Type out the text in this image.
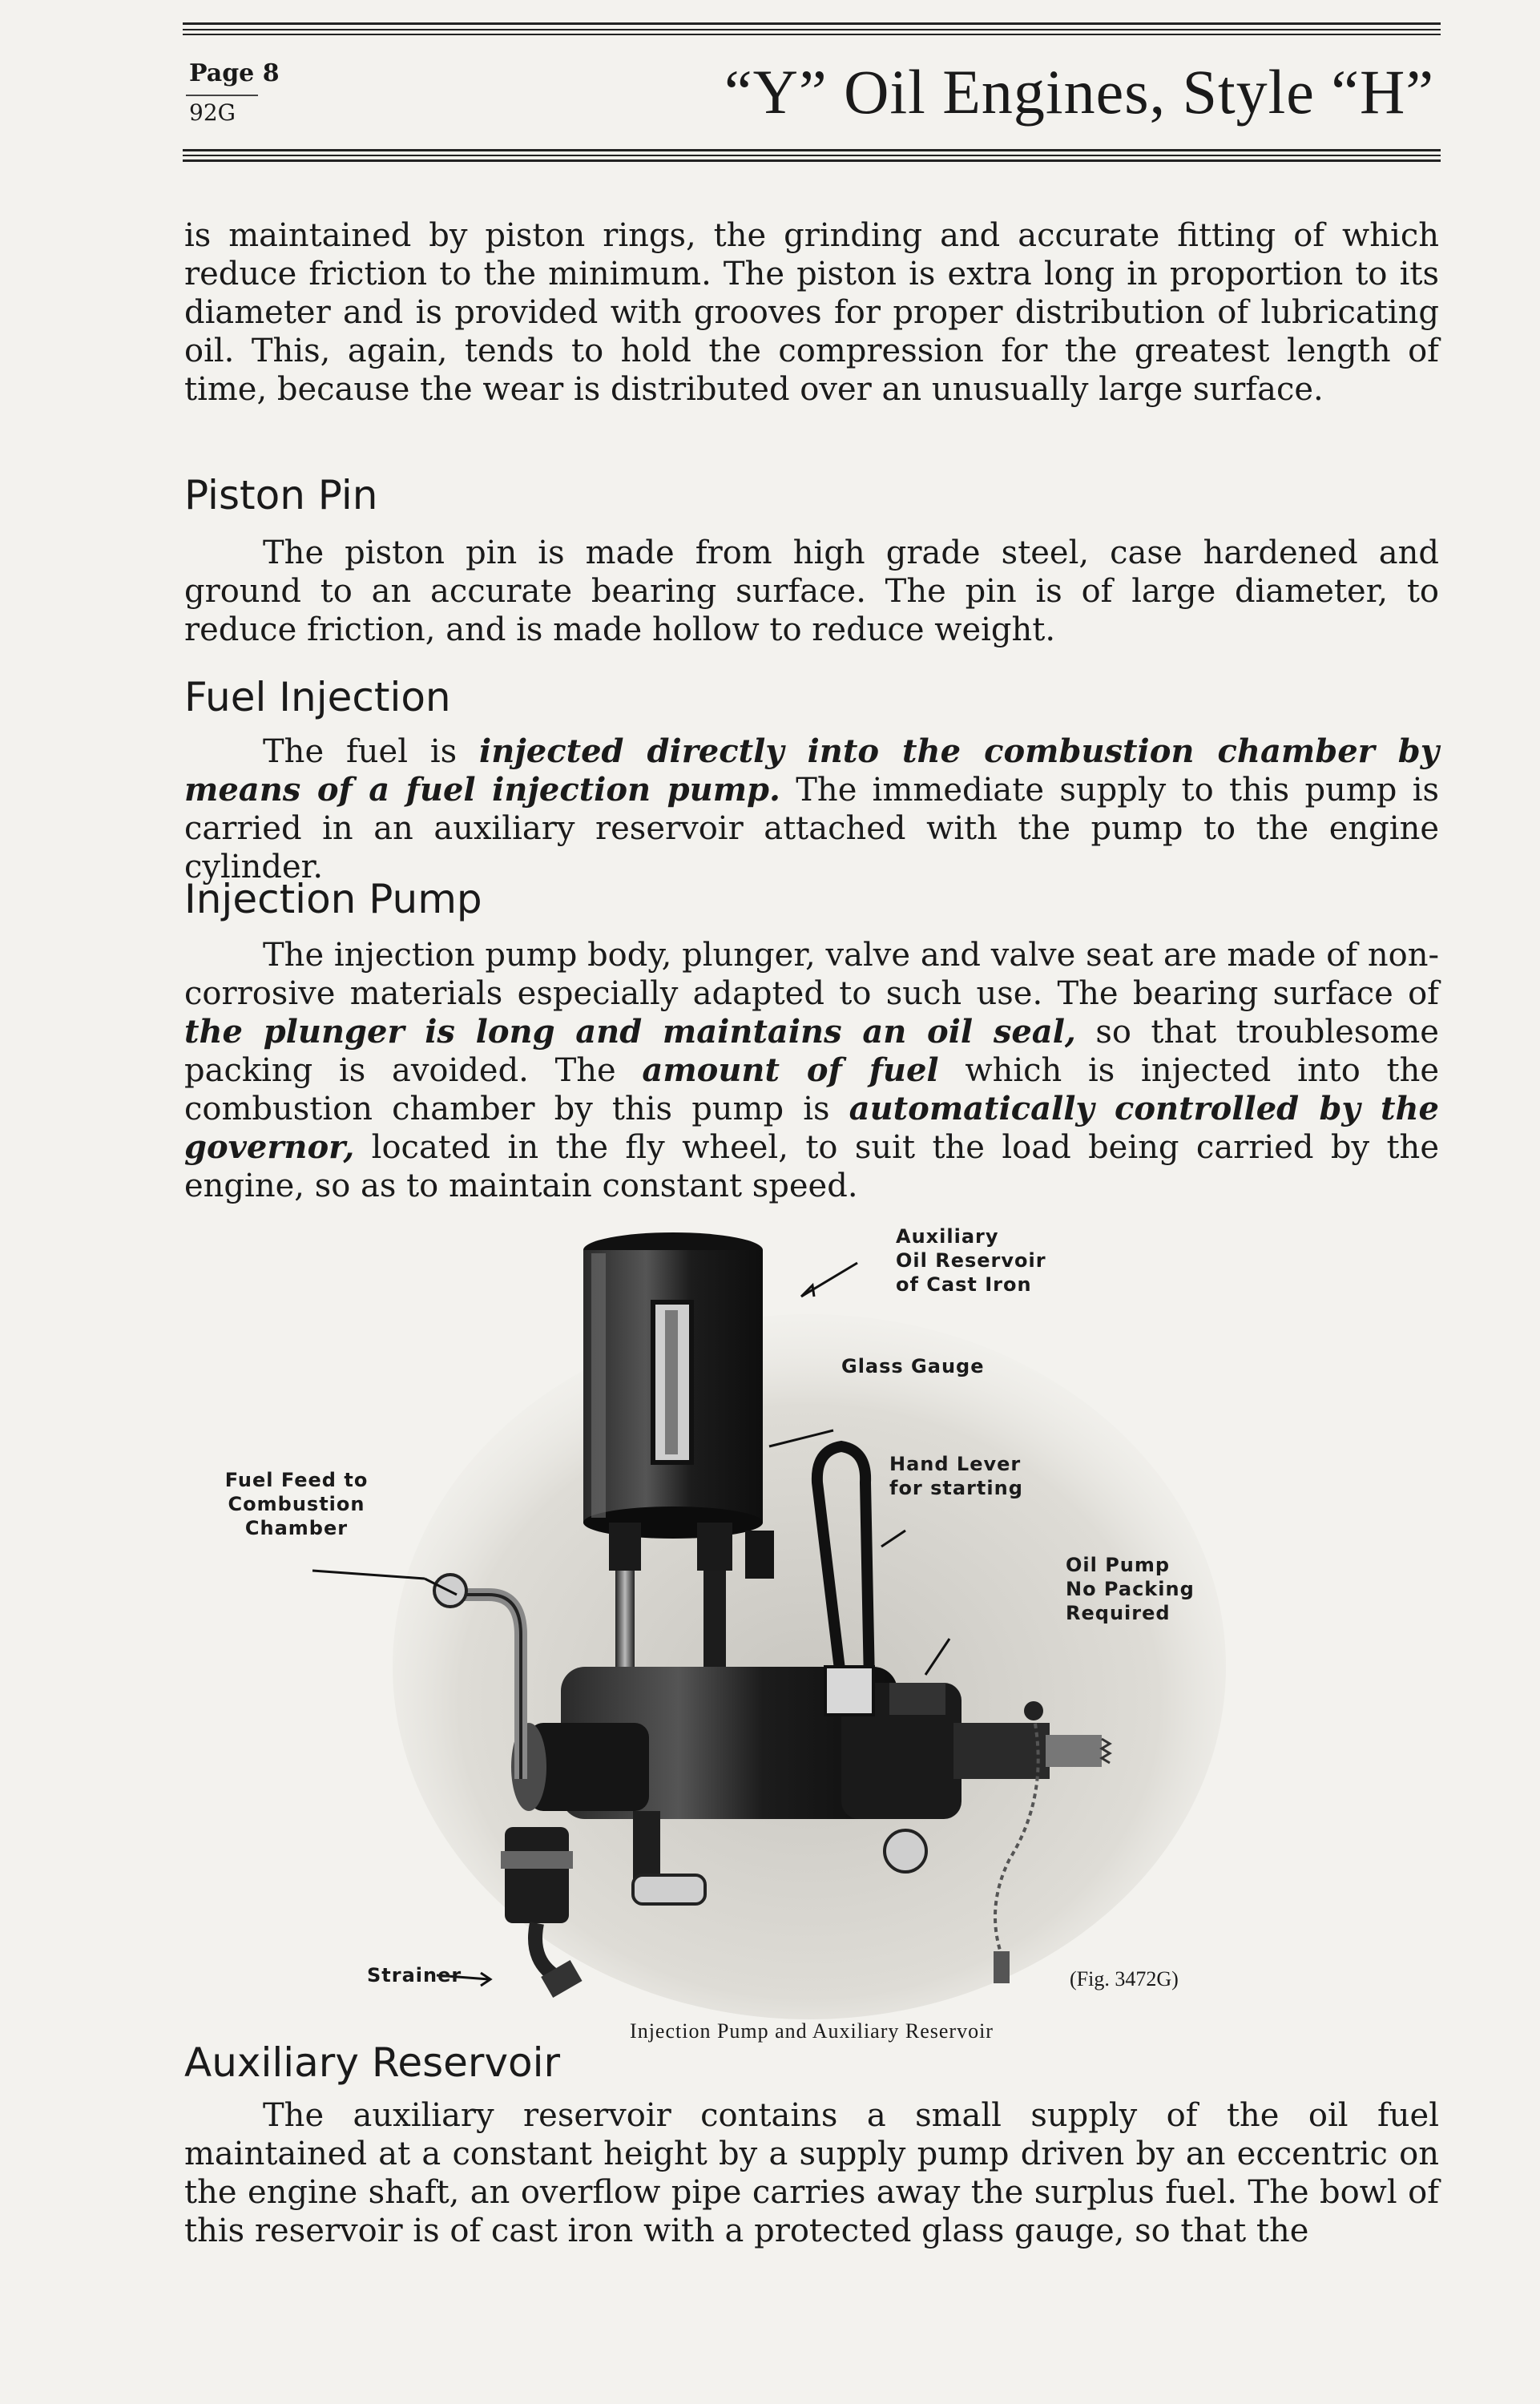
Page 8
92G	“Y” Oil Engines, Style “H”
is maintained by piston rings, the grinding and accurate fitting of which reduce friction to the minimum. The piston is extra long in proportion to its diameter and is provided with grooves for proper distribution of lubricating oil. This, again, tends to hold the compression for the greatest length of time, because the wear is distributed over an unusually large surface.
Piston Pin
The piston pin is made from high grade steel, case hardened and ground to an accurate bearing surface. The pin is of large diameter, to reduce friction, and is made hollow to reduce weight.
Fuel Injection
The fuel is injected directly into the combustion chamber by means of a fuel injection pump. The immediate supply to this pump is carried in an auxiliary reservoir attached with the pump to the engine cylinder.
Injection Pump
The injection pump body, plunger, valve and valve seat are made of non-corrosive materials especially adapted to such use. The bearing surface of the plunger is long and maintains an oil seal, so that troublesome packing is avoided. The amount of fuel which is injected into the combustion chamber by this pump is automatically controlled by the governor, located in the fly wheel, to suit the load being carried by the engine, so as to maintain constant speed.
Auxiliary
Oil Reservoir
of Cast Iron
Glass Gauge
Hand Lever
for starting
Oil Pump
No Packing
Required
Fuel Feed to
Combustion
Chamber
Strainer	(Fig. 3472G)
Injection Pump and Auxiliary Reservoir
Auxiliary Reservoir
The auxiliary reservoir contains a small supply of the oil fuel maintained at a constant height by a supply pump driven by an eccentric on the engine shaft, an overflow pipe carries away the surplus fuel. The bowl of this reservoir is of cast iron with a protected glass gauge, so that the
